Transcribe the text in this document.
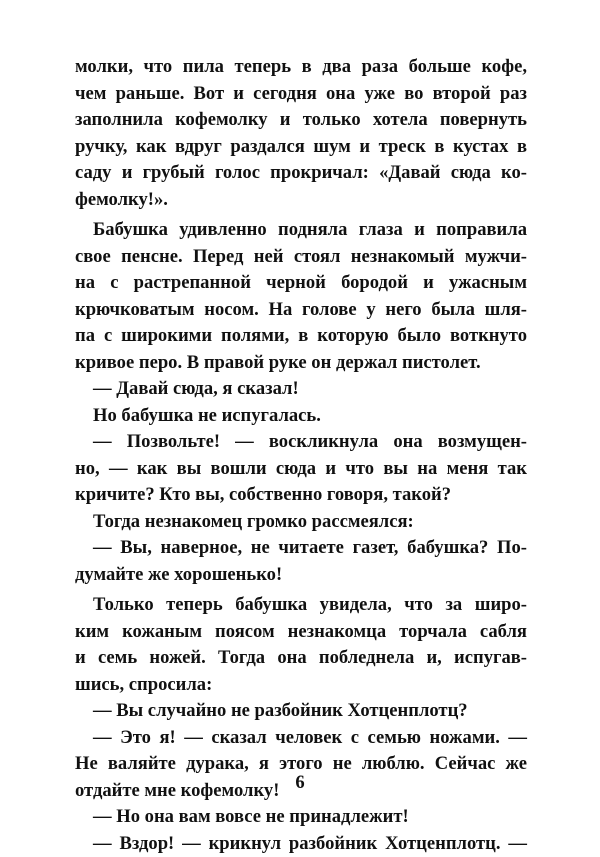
молки, что пила теперь в два раза больше кофе,
чем раньше. Вот и сегодня она уже во второй раз
заполнила кофемолку и только хотела повернуть
ручку, как вдруг раздался шум и треск в кустах в
саду и грубый голос прокричал: «Давай сюда ко-
фемолку!».
Бабушка удивленно подняла глаза и поправила
свое пенсне. Перед ней стоял незнакомый мужчи-
на с растрепанной черной бородой и ужасным
крючковатым носом. На голове у него была шля-
па с широкими полями, в которую было воткнуто
кривое перо. В правой руке он держал пистолет.
— Давай сюда, я сказал!
Но бабушка не испугалась.
— Позвольте! — воскликнула она возмущен-
но, — как вы вошли сюда и что вы на меня так
кричите? Кто вы, собственно говоря, такой?
Тогда незнакомец громко рассмеялся:
— Вы, наверное, не читаете газет, бабушка? По-
думайте же хорошенько!
Только теперь бабушка увидела, что за широ-
ким кожаным поясом незнакомца торчала сабля
и семь ножей. Тогда она побледнела и, испугав-
шись, спросила:
— Вы случайно не разбойник Хотценплотц?
— Это я! — сказал человек с семью ножами. —
Не валяйте дурака, я этого не люблю. Сейчас же
отдайте мне кофемолку!
— Но она вам вовсе не принадлежит!
— Вздор! — крикнул разбойник Хотценплотц. —
6
